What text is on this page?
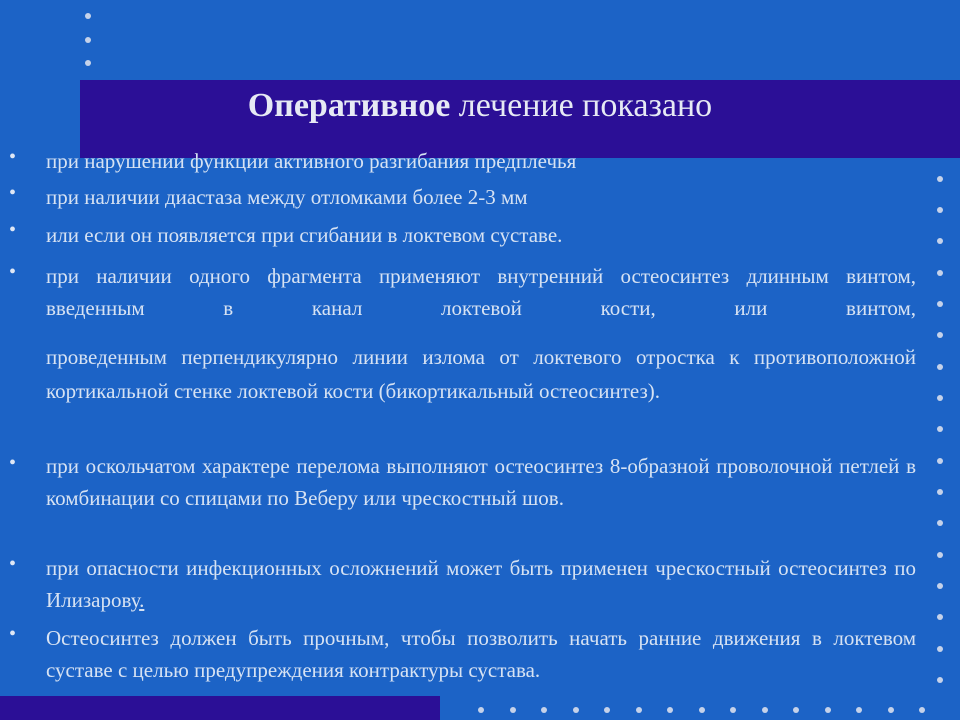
Оперативное лечение показано
• при нарушении функции активного разгибания предплечья
• при наличии диастаза между отломками более 2-3 мм
• или если он появляется при сгибании в локтевом суставе.
• при наличии одного фрагмента применяют внутренний остеосинтез длинным винтом, введенным в канал локтевой кости, или винтом,
проведенным перпендикулярно линии излома от локтевого отростка к противоположной кортикальной стенке локтевой кости (бикортикальный остеосинтез).
• при оскольчатом характере перелома выполняют остеосинтез 8-образной проволочной петлей в комбинации со спицами по Веберу или чрескостный шов.
• при опасности инфекционных осложнений может быть применен чрескостный остеосинтез по Илизарову.
• Остеосинтез должен быть прочным, чтобы позволить начать ранние движения в локтевом суставе с целью предупреждения контрактуры сустава.
